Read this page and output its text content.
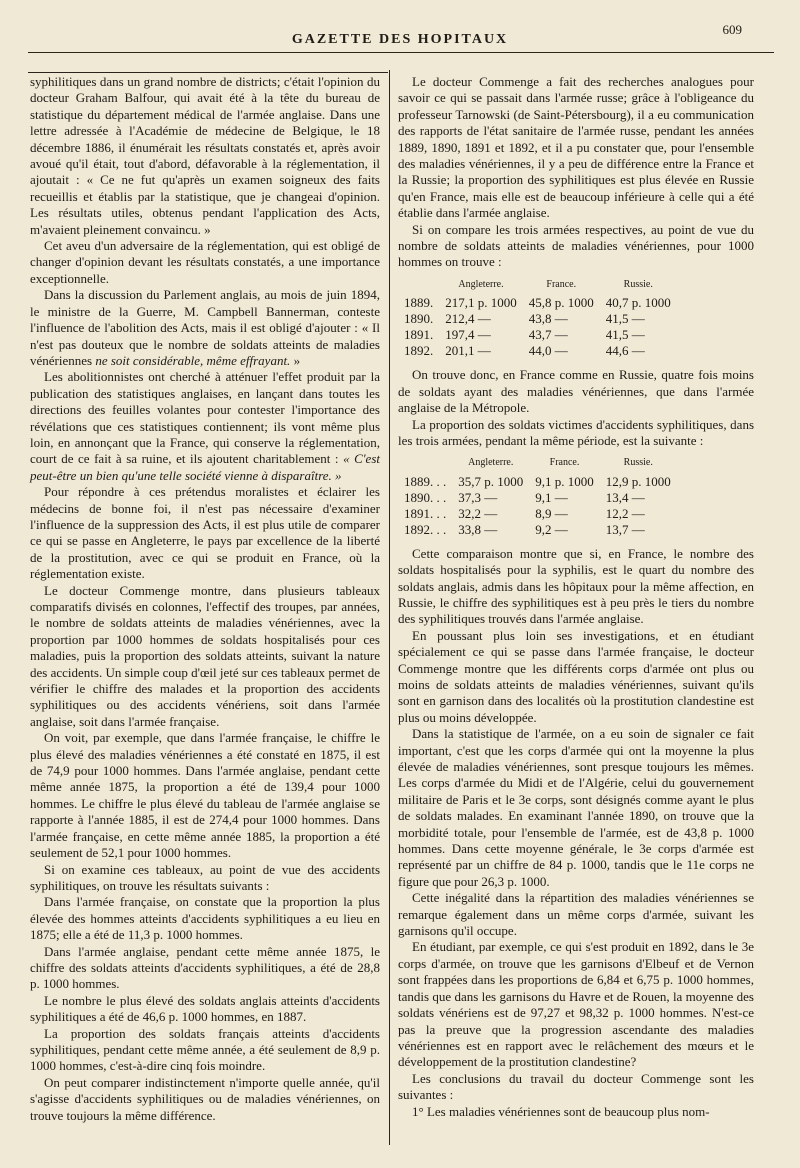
609
GAZETTE DES HOPITAUX

syphilitiques dans un grand nombre de districts; c'était l'opinion du docteur Graham Balfour, qui avait été à la tête du bureau de statistique du département médical de l'armée anglaise. Dans une lettre adressée à l'Académie de médecine de Belgique, le 18 décembre 1886, il énumérait les résultats constatés et, après avoir avoué qu'il était, tout d'abord, défavorable à la réglementation, il ajoutait : « Ce ne fut qu'après un examen soigneux des faits recueillis et établis par la statistique, que je changeai d'opinion. Les résultats utiles, obtenus pendant l'application des Acts, m'avaient pleinement convaincu. »

Cet aveu d'un adversaire de la réglementation, qui est obligé de changer d'opinion devant les résultats constatés, a une importance exceptionnelle.

Dans la discussion du Parlement anglais, au mois de juin 1894, le ministre de la Guerre, M. Campbell Bannerman, conteste l'influence de l'abolition des Acts, mais il est obligé d'ajouter : « Il n'est pas douteux que le nombre de soldats atteints de maladies vénériennes ne soit considérable, même effrayant. »

Les abolitionnistes ont cherché à atténuer l'effet produit par la publication des statistiques anglaises, en lançant dans toutes les directions des feuilles volantes pour contester l'importance des révélations que ces statistiques contiennent; ils vont même plus loin, en annonçant que la France, qui conserve la réglementation, court de ce fait à sa ruine, et ils ajoutent charitablement : « C'est peut-être un bien qu'une telle société vienne à disparaître. »

Pour répondre à ces prétendus moralistes et éclairer les médecins de bonne foi, il n'est pas nécessaire d'examiner l'influence de la suppression des Acts, il est plus utile de comparer ce qui se passe en Angleterre, le pays par excellence de la liberté de la prostitution, avec ce qui se produit en France, où la réglementation existe.

Le docteur Commenge montre, dans plusieurs tableaux comparatifs divisés en colonnes, l'effectif des troupes, par années, le nombre de soldats atteints de maladies vénériennes, avec la proportion par 1000 hommes de soldats hospitalisés pour ces maladies, puis la proportion des soldats atteints, suivant la nature des accidents. Un simple coup d'œil jeté sur ces tableaux permet de vérifier le chiffre des malades et la proportion des accidents syphilitiques ou des accidents vénériens, soit dans l'armée anglaise, soit dans l'armée française.

On voit, par exemple, que dans l'armée française, le chiffre le plus élevé des maladies vénériennes a été constaté en 1875, il est de 74,9 pour 1000 hommes. Dans l'armée anglaise, pendant cette même année 1875, la proportion a été de 139,4 pour 1000 hommes. Le chiffre le plus élevé du tableau de l'armée anglaise se rapporte à l'année 1885, il est de 274,4 pour 1000 hommes. Dans l'armée française, en cette même année 1885, la proportion a été seulement de 52,1 pour 1000 hommes.

Si on examine ces tableaux, au point de vue des accidents syphilitiques, on trouve les résultats suivants :

Dans l'armée française, on constate que la proportion la plus élevée des hommes atteints d'accidents syphilitiques a eu lieu en 1875; elle a été de 11,3 p. 1000 hommes.

Dans l'armée anglaise, pendant cette même année 1875, le chiffre des soldats atteints d'accidents syphilitiques, a été de 28,8 p. 1000 hommes.

Le nombre le plus élevé des soldats anglais atteints d'accidents syphilitiques a été de 46,6 p. 1000 hommes, en 1887.

La proportion des soldats français atteints d'accidents syphilitiques, pendant cette même année, a été seulement de 8,9 p. 1000 hommes, c'est-à-dire cinq fois moindre.

On peut comparer indistinctement n'importe quelle année, qu'il s'agisse d'accidents syphilitiques ou de maladies vénériennes, on trouve toujours la même différence.

Le docteur Commenge a fait des recherches analogues pour savoir ce qui se passait dans l'armée russe; grâce à l'obligeance du professeur Tarnowski (de Saint-Pétersbourg), il a eu communication des rapports de l'état sanitaire de l'armée russe, pendant les années 1889, 1890, 1891 et 1892, et il a pu constater que, pour l'ensemble des maladies vénériennes, il y a peu de différence entre la France et la Russie; la proportion des syphilitiques est plus élevée en Russie qu'en France, mais elle est de beaucoup inférieure à celle qui a été établie dans l'armée anglaise.

Si on compare les trois armées respectives, au point de vue du nombre de soldats atteints de maladies vénériennes, pour 1000 hommes on trouve :

	Angleterre.	France.	Russie.
1889.	217,1 p. 1000	45,8 p. 1000	40,7 p. 1000
1890.	212,4 —	43,8 —	41,5 —
1891.	197,4 —	43,7 —	41,5 —
1892.	201,1 —	44,0 —	44,6 —

On trouve donc, en France comme en Russie, quatre fois moins de soldats ayant des maladies vénériennes, que dans l'armée anglaise de la Métropole.

La proportion des soldats victimes d'accidents syphilitiques, dans les trois armées, pendant la même période, est la suivante :

	Angleterre.	France.	Russie.
1889. . .	35,7 p. 1000	9,1 p. 1000	12,9 p. 1000
1890. . .	37,3 —	9,1 —	13,4 —
1891. . .	32,2 —	8,9 —	12,2 —
1892. . .	33,8 —	9,2 —	13,7 —

Cette comparaison montre que si, en France, le nombre des soldats hospitalisés pour la syphilis, est le quart du nombre des soldats anglais, admis dans les hôpitaux pour la même affection, en Russie, le chiffre des syphilitiques est à peu près le tiers du nombre des syphilitiques trouvés dans l'armée anglaise.

En poussant plus loin ses investigations, et en étudiant spécialement ce qui se passe dans l'armée française, le docteur Commenge montre que les différents corps d'armée ont plus ou moins de soldats atteints de maladies vénériennes, suivant qu'ils sont en garnison dans des localités où la prostitution clandestine est plus ou moins développée.

Dans la statistique de l'armée, on a eu soin de signaler ce fait important, c'est que les corps d'armée qui ont la moyenne la plus élevée de maladies vénériennes, sont presque toujours les mêmes. Les corps d'armée du Midi et de l'Algérie, celui du gouvernement militaire de Paris et le 3e corps, sont désignés comme ayant le plus de soldats malades. En examinant l'année 1890, on trouve que la morbidité totale, pour l'ensemble de l'armée, est de 43,8 p. 1000 hommes. Dans cette moyenne générale, le 3e corps d'armée est représenté par un chiffre de 84 p. 1000, tandis que le 11e corps ne figure que pour 26,3 p. 1000.

Cette inégalité dans la répartition des maladies vénériennes se remarque également dans un même corps d'armée, suivant les garnisons qu'il occupe.

En étudiant, par exemple, ce qui s'est produit en 1892, dans le 3e corps d'armée, on trouve que les garnisons d'Elbeuf et de Vernon sont frappées dans les proportions de 6,84 et 6,75 p. 1000 hommes, tandis que dans les garnisons du Havre et de Rouen, la moyenne des soldats vénériens est de 97,27 et 98,32 p. 1000 hommes. N'est-ce pas la preuve que la progression ascendante des maladies vénériennes est en rapport avec le relâchement des mœurs et le développement de la prostitution clandestine?

Les conclusions du travail du docteur Commenge sont les suivantes :

1° Les maladies vénériennes sont de beaucoup plus nom-
